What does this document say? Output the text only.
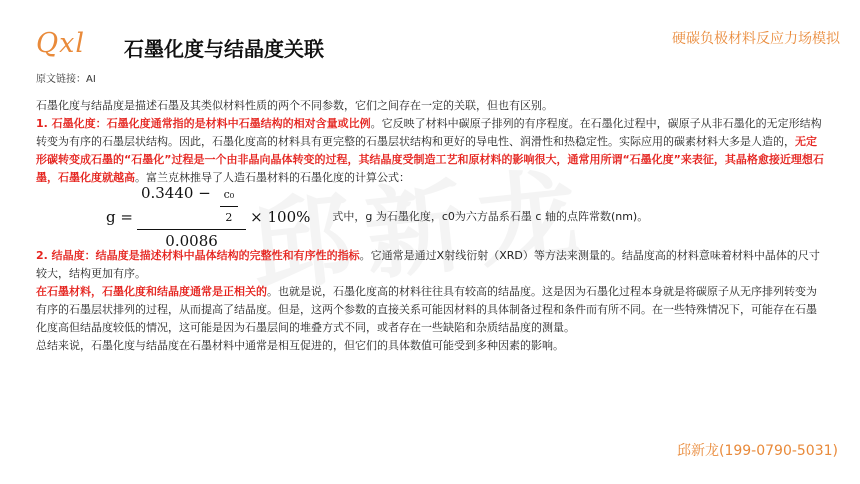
Qxl 石墨化度与结晶度关联
原文链接：AI
硬碳负极材料反应力场模拟

石墨化度与结晶度是描述石墨及其类似材料性质的两个不同参数，它们之间存在一定的关联，但也有区别。

1. 石墨化度：石墨化度通常指的是材料中石墨结构的相对含量或比例。它反映了材料中碳原子排列的有序程度。在石墨化过程中，碳原子从非石墨化的无定形结构转变为有序的石墨层状结构。因此，石墨化度高的材料具有更完整的石墨层状结构和更好的导电性、润滑性和热稳定性。实际应用的碳素材料大多是人造的，无定形碳转变成石墨的“石墨化”过程是一个由非晶向晶体转变的过程，其结晶度受制造工艺和原材料的影响很大，通常用所谓“石墨化度”来表征，其晶格愈接近理想石墨，石墨化度就越高。富兰克林推导了人造石墨材料的石墨化度的计算公式：

$g = \frac{0.3440 - \frac{\text{c₀}}{2}}{0.0086} \times 100\%$ 式中，g 为石墨化度，c0为六方晶系石墨 c 轴的点阵常数(nm)。

2. 结晶度：结晶度是描述材料中晶体结构的完整性和有序性的指标。它通常是通过X射线衍射（XRD）等方法来测量的。结晶度高的材料意味着材料中晶体的尺寸较大，结构更加有序。

在石墨材料，石墨化度和结晶度通常是正相关的。也就是说，石墨化度高的材料往往具有较高的结晶度。这是因为石墨化过程本身就是将碳原子从无序排列转变为有序的石墨层状排列的过程，从而提高了结晶度。但是，这两个参数的直接关系可能因材料的具体制备过程和条件而有所不同。在一些特殊情况下，可能存在石墨化度高但结晶度较低的情况，这可能是因为石墨层间的堆叠方式不同，或者存在一些缺陷和杂质结晶度的测量。

总结来说，石墨化度与结晶度在石墨材料中通常是相互促进的，但它们的具体数值可能受到多种因素的影响。

邱新龙(199-0790-5031)
